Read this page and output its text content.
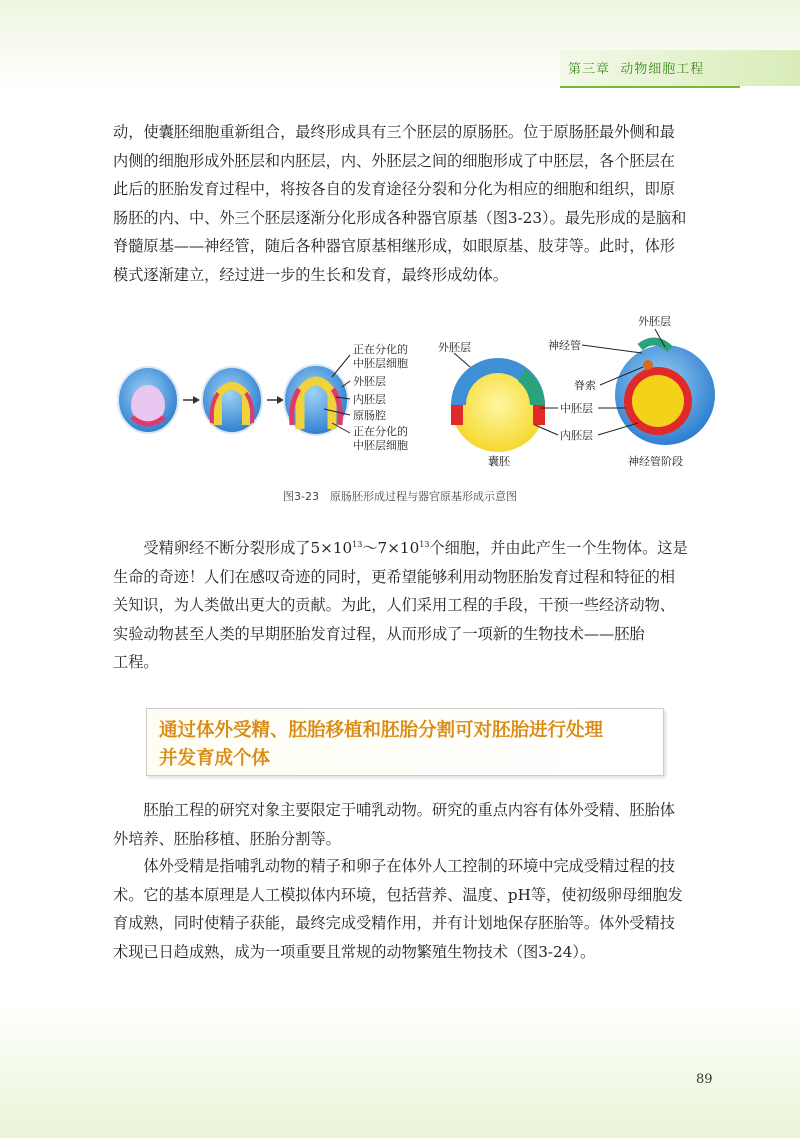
第三章 动物细胞工程
动，使囊胚细胞重新组合，最终形成具有三个胚层的原肠胚。位于原肠胚最外侧和最
内侧的细胞形成外胚层和内胚层，内、外胚层之间的细胞形成了中胚层，各个胚层在
此后的胚胎发育过程中，将按各自的发育途径分裂和分化为相应的细胞和组织，即原
肠胚的内、中、外三个胚层逐渐分化形成各种器官原基（图3-23）。最先形成的是脑和
脊髓原基——神经管，随后各种器官原基相继形成，如眼原基、肢芽等。此时，体形
模式逐渐建立，经过进一步的生长和发育，最终形成幼体。
正在分化的
中胚层细胞
外胚层
内胚层
原肠腔
正在分化的
中胚层细胞
外胚层
囊胚
外胚层
神经管
脊索
中胚层
内胚层
神经管阶段
图3-23　原肠胚形成过程与器官原基形成示意图
  受精卵经不断分裂形成了$5\times 10^{13}\sim 7\times 10^{13}$个细胞，并由此产生一个生物体。这是
生命的奇迹！人们在感叹奇迹的同时，更希望能够利用动物胚胎发育过程和特征的相
关知识，为人类做出更大的贡献。为此，人们采用工程的手段，干预一些经济动物、
实验动物甚至人类的早期胚胎发育过程，从而形成了一项新的生物技术——胚胎
工程。
通过体外受精、胚胎移植和胚胎分割可对胚胎进行处理
并发育成个体
  胚胎工程的研究对象主要限定于哺乳动物。研究的重点内容有体外受精、胚胎体
外培养、胚胎移植、胚胎分割等。
  体外受精是指哺乳动物的精子和卵子在体外人工控制的环境中完成受精过程的技
术。它的基本原理是人工模拟体内环境，包括营养、温度、pH等，使初级卵母细胞发
育成熟，同时使精子获能，最终完成受精作用，并有计划地保存胚胎等。体外受精技
术现已日趋成熟，成为一项重要且常规的动物繁殖生物技术（图3-24）。
89
